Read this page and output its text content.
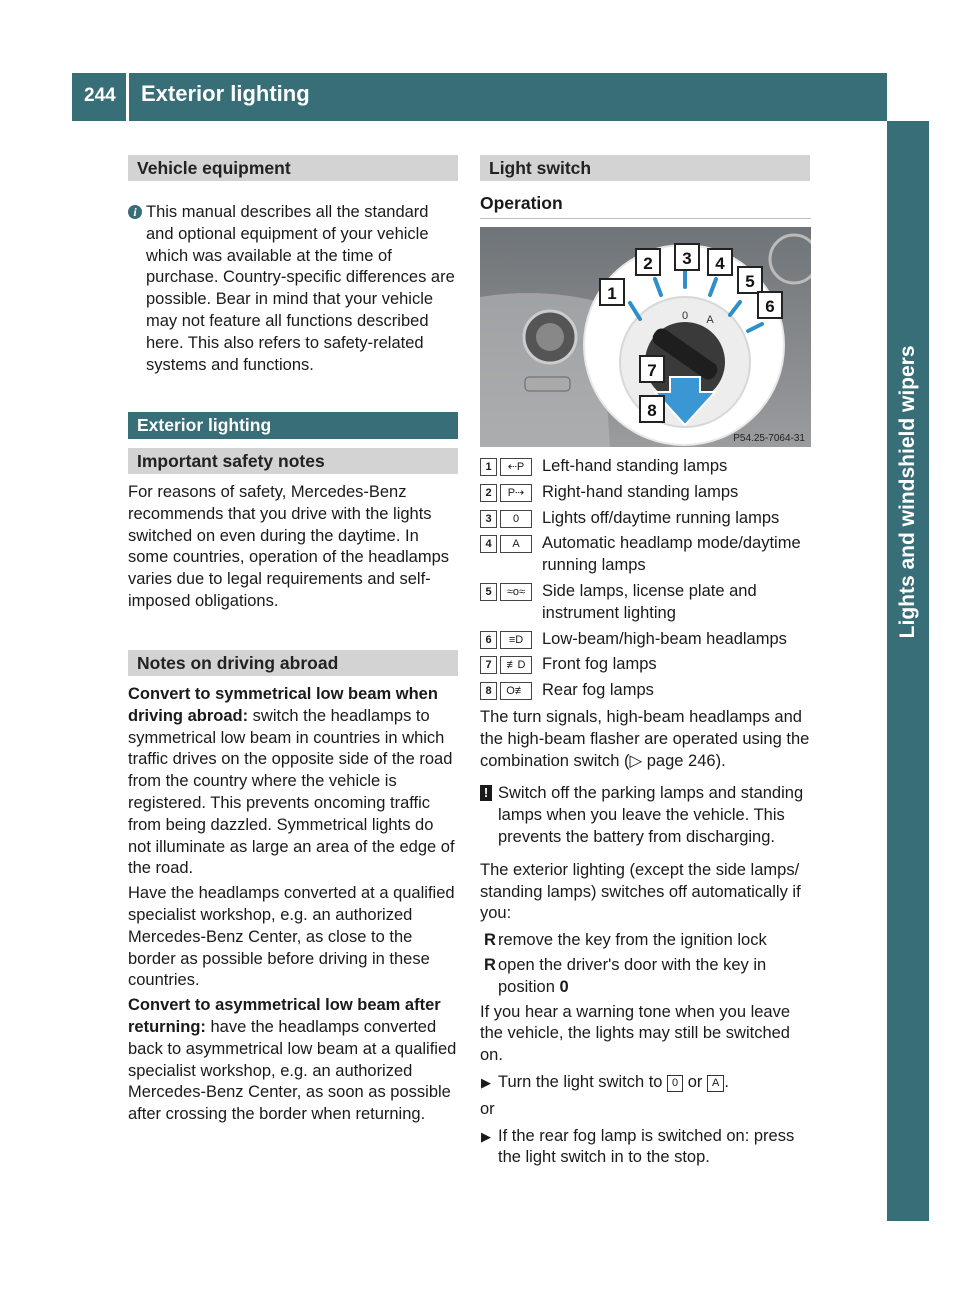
244 Exterior lighting
Lights and windshield wipers
Vehicle equipment
i This manual describes all the standard and optional equipment of your vehicle which was available at the time of purchase. Country-specific differences are possible. Bear in mind that your vehicle may not feature all functions described here. This also refers to safety-related systems and functions.

Exterior lighting
Important safety notes

For reasons of safety, Mercedes-Benz recommends that you drive with the lights switched on even during the daytime. In some countries, operation of the headlamps varies due to legal requirements and self-imposed obligations.

Notes on driving abroad

Convert to symmetrical low beam when driving abroad: switch the headlamps to symmetrical low beam in countries in which traffic drives on the opposite side of the road from the country where the vehicle is registered. This prevents oncoming traffic from being dazzled. Symmetrical lights do not illuminate as large an area of the edge of the road.

Have the headlamps converted at a qualified specialist workshop, e.g. an authorized Mercedes-Benz Center, as close to the border as possible before driving in these countries.

Convert to asymmetrical low beam after returning: have the headlamps converted back to asymmetrical low beam at a qualified specialist workshop, e.g. an authorized Mercedes-Benz Center, as soon as possible after crossing the border when returning.

Light switch
Operation
0 A
1
2 3 4
5
6
7
8
P54.25-7064-31
1	⇠P	Left-hand standing lamps
2	P⇢	Right-hand standing lamps
3	0	Lights off/daytime running lamps
4	A	Automatic headlamp mode/daytime running lamps
5	≈o≈	Side lamps, license plate and instrument lighting
6	≡D	Low-beam/high-beam headlamps
7	≢D	Front fog lamps
8	O≢ Rear fog lamps

The turn signals, high-beam headlamps and the high-beam flasher are operated using the combination switch (▷ page 246).

! Switch off the parking lamps and standing lamps when you leave the vehicle. This prevents the battery from discharging.

The exterior lighting (except the side lamps/ standing lamps) switches off automatically if you:

R remove the key from the ignition lock
R open the driver's door with the key in position 0

If you hear a warning tone when you leave the vehicle, the lights may still be switched on.

▶ Turn the light switch to 0 or A .

or

▶ If the rear fog lamp is switched on: press the light switch in to the stop.
